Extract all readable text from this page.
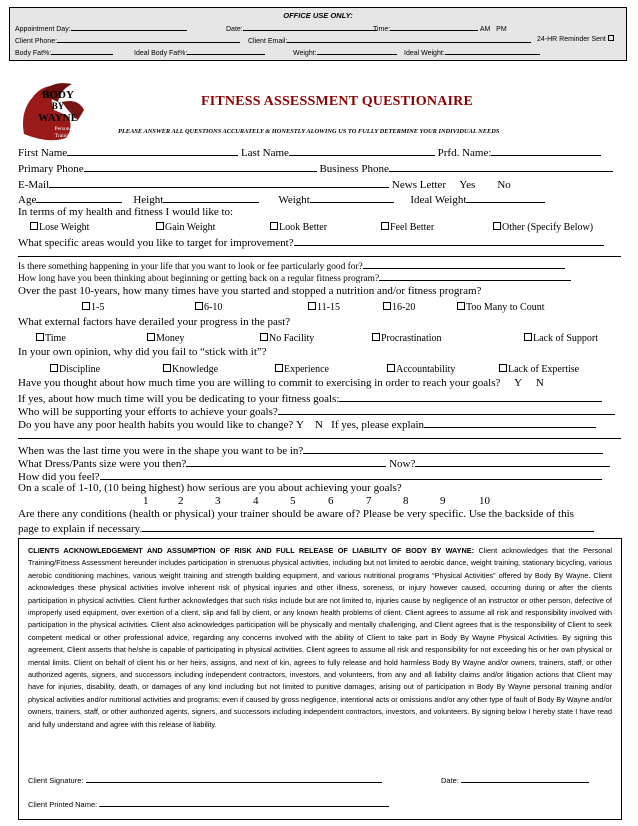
OFFICE USE ONLY:
Appointment Day:	Date:	Time:	AM PM
Client Phone:	Client Email:	24-HR Reminder Sent
Body Fat%:	Ideal Body Fat%:	Weight:	Ideal Weight:
BODY
BY
WAYNE
Personal
Training
FITNESS ASSESSMENT QUESTIONAIRE
PLEASE ANSWER ALL QUESTIONS ACCURATELY & HONESTLY ALOWING US TO FULLY DETERMINE YOUR INDIVIDUAL NEEDS
First Name	Last Name	Prfd. Name:
Primary Phone	Business Phone
E-Mail	News Letter Yes No
Age	Height	Weight	Ideal Weight
In terms of my health and fitness I would like to:
Lose Weight	Gain Weight	Look Better	Feel Better	Other (Specify Below)
What specific areas would you like to target for improvement?
Is there something happening in your life that you want to look or fee particularly good for?
How long have you been thinking about beginning or getting back on a regular fitness program?
Over the past 10-years, how many times have you started and stopped a nutrition and/or fitness program?
1-5	6-10	11-15	16-20	Too Many to Count
What external factors have derailed your progress in the past?
Time	Money	No Facility	Procrastination	Lack of Support
In your own opinion, why did you fail to “stick with it”?
Discipline	Knowledge	Experience	Accountability	Lack of Expertise
Have you thought about how much time you are willing to commit to exercising in order to reach your goals? Y N
If yes, about how much time will you be dedicating to your fitness goals:
Who will be supporting your efforts to achieve your goals?
Do you have any poor health habits you would like to change? Y N If yes, please explain
When was the last time you were in the shape you want to be in?
What Dress/Pants size were you then?	Now?
How did you feel?
On a scale of 1-10, (10 being highest) how serious are you about achieving your goals?
1	2	3	4	5	6	7	8	9	10
Are there any conditions (health or physical) your trainer should be aware of? Please be very specific. Use the backside of this
page to explain if necessary.
CLIENTS ACKNOWLEDGEMENT AND ASSUMPTION OF RISK AND FULL RELEASE OF LIABILITY OF BODY BY WAYNE: Client acknowledges that the Personal Training/Fitness Assessment hereunder includes participation in strenuous physical activities, including but not limited to aerobic dance, weight training, stationary bicycling, various aerobic conditioning machines, various weight training and strength building equipment, and various nutritional programs “Physical Activities” offered by Body By Wayne. Client acknowledges these physical activities involve inherent risk of physical injuries and other illness, soreness, or injury however caused, occurring during or after the clients participation in physical activities. Client further acknowledges that such risks include but are not limited to, injuries cause by negligence of an instructor or other person, defective of improperly used equipment, over exertion of a client, slip and fall by client, or any known health problems of client. Client agrees to assume all risk and responsibility involved with participation in the physical activities. Client also acknowledges participation will be physically and mentally challenging, and Client agrees that is the responsibility of Client to seek competent medical or other professional advice, regarding any concerns involved with the ability of Client to take part in Body By Wayne Physical Activities. By signing this agreement, Client asserts that he/she is capable of participating in physical activities. Client agrees to assume all risk and responsibility for not exceeding his or her own physical or mental limits. Client on behalf of client his or her heirs, assigns, and next of kin, agrees to fully release and hold harmless Body By Wayne and/or owners, trainers, staff, or other authorized agents, signers, and successors including independent contractors, investors, and volunteers, from any and all liability claims and/or litigation actions that Client may have for injuries, disability, death, or damages of any kind including but not limited to punitive damages, arising out of participation in Body By Wayne personal training and/or physical activities and/or nutritional activities and programs; even if caused by gross negligence, intentional acts or omissions and/or any other type of fault of Body By Wayne and/or owners, trainers, staff, or other authorized agents, signers, and successors including independent contractors, investors, and volunteers. By signing below I hereby state I have read and fully understand and agree with this release of liability.
Client Signature:	Date:
Client Printed Name:
